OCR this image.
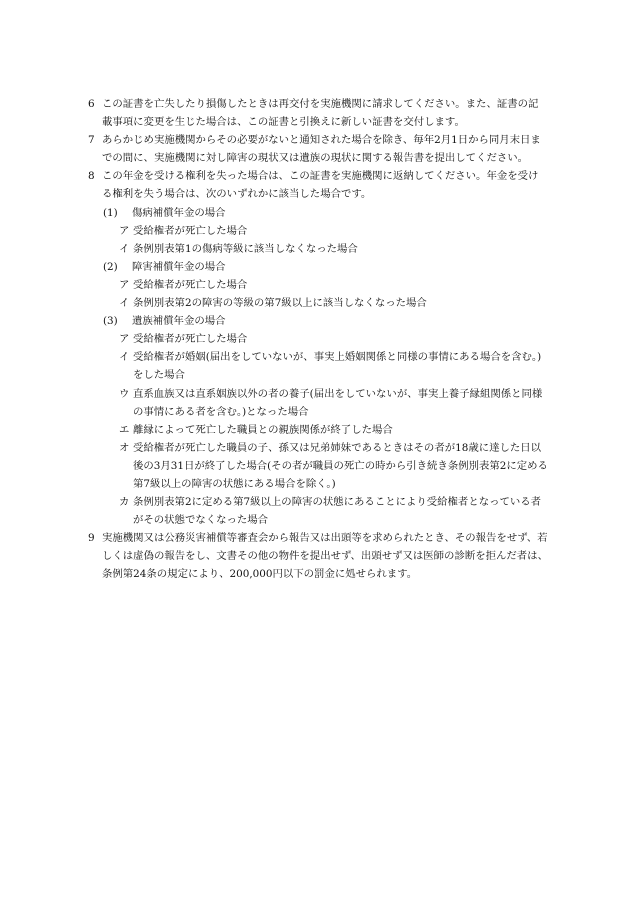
6 この証書を亡失したり損傷したときは再交付を実施機関に請求してください。また、証書の記載事項に変更を生じた場合は、この証書と引換えに新しい証書を交付します。
7 あらかじめ実施機関からその必要がないと通知された場合を除き、毎年2月1日から同月末日までの間に、実施機関に対し障害の現状又は遺族の現状に関する報告書を提出してください。
8 この年金を受ける権利を失った場合は、この証書を実施機関に返納してください。年金を受ける権利を失う場合は、次のいずれかに該当した場合です。
(1) 傷病補償年金の場合
ア 受給権者が死亡した場合
イ 条例別表第1の傷病等級に該当しなくなった場合
(2) 障害補償年金の場合
ア 受給権者が死亡した場合
イ 条例別表第2の障害の等級の第7級以上に該当しなくなった場合
(3) 遺族補償年金の場合
ア 受給権者が死亡した場合
イ 受給権者が婚姻(届出をしていないが、事実上婚姻関係と同様の事情にある場合を含む。)をした場合
ウ 直系血族又は直系姻族以外の者の養子(届出をしていないが、事実上養子縁組関係と同様の事情にある者を含む。)となった場合
エ 離縁によって死亡した職員との親族関係が終了した場合
オ 受給権者が死亡した職員の子、孫又は兄弟姉妹であるときはその者が18歳に達した日以後の3月31日が終了した場合(その者が職員の死亡の時から引き続き条例別表第2に定める第7級以上の障害の状態にある場合を除く。)
カ 条例別表第2に定める第7級以上の障害の状態にあることにより受給権者となっている者がその状態でなくなった場合
9 実施機関又は公務災害補償等審査会から報告又は出頭等を求められたとき、その報告をせず、若しくは虚偽の報告をし、文書その他の物件を提出せず、出頭せず又は医師の診断を拒んだ者は、条例第24条の規定により、200,000円以下の罰金に処せられます。
